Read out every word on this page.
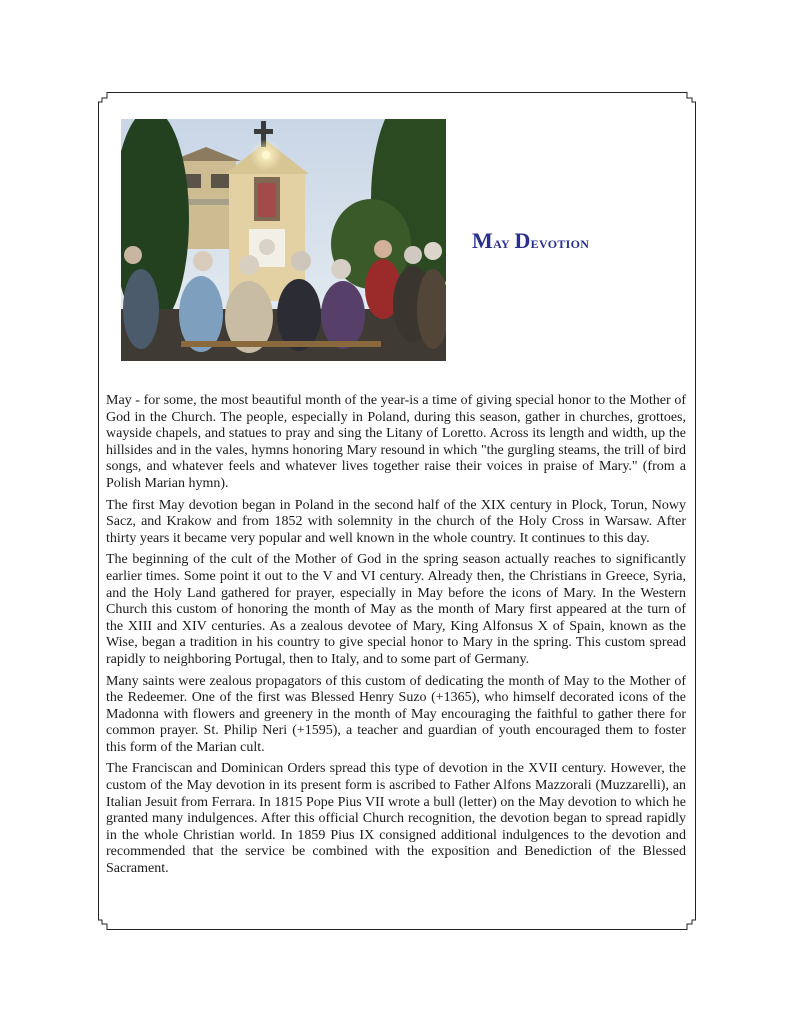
May Devotion

May - for some, the most beautiful month of the year-is a time of giving special honor to the Mother of God in the Church. The people, especially in Poland, during this season, gather in churches, grottoes, wayside chapels, and statues to pray and sing the Litany of Loretto. Across its length and width, up the hillsides and in the vales, hymns honoring Mary resound in which "the gurgling steams, the trill of bird songs, and whatever feels and whatever lives together raise their voices in praise of Mary." (from a Polish Marian hymn).

The first May devotion began in Poland in the second half of the XIX century in Plock, Torun, Nowy Sacz, and Krakow and from 1852 with solemnity in the church of the Holy Cross in Warsaw. After thirty years it became very popular and well known in the whole country. It continues to this day.

The beginning of the cult of the Mother of God in the spring season actually reaches to significantly earlier times. Some point it out to the V and VI century. Already then, the Christians in Greece, Syria, and the Holy Land gathered for prayer, especially in May before the icons of Mary. In the Western Church this custom of honoring the month of May as the month of Mary first appeared at the turn of the XIII and XIV centuries. As a zealous devotee of Mary, King Alfonsus X of Spain, known as the Wise, began a tradition in his country to give special honor to Mary in the spring. This custom spread rapidly to neighboring Portugal, then to Italy, and to some part of Germany.

Many saints were zealous propagators of this custom of dedicating the month of May to the Mother of the Redeemer. One of the first was Blessed Henry Suzo (+1365), who himself decorated icons of the Madonna with flowers and greenery in the month of May encouraging the faithful to gather there for common prayer. St. Philip Neri (+1595), a teacher and guardian of youth encouraged them to foster this form of the Marian cult.

The Franciscan and Dominican Orders spread this type of devotion in the XVII century. However, the custom of the May devotion in its present form is ascribed to Father Alfons Mazzorali (Muzzarelli), an Italian Jesuit from Ferrara. In 1815 Pope Pius VII wrote a bull (letter) on the May devotion to which he granted many indulgences. After this official Church recognition, the devotion began to spread rapidly in the whole Christian world. In 1859 Pius IX consigned additional indulgences to the devotion and recommended that the service be combined with the exposition and Benediction of the Blessed Sacrament.
